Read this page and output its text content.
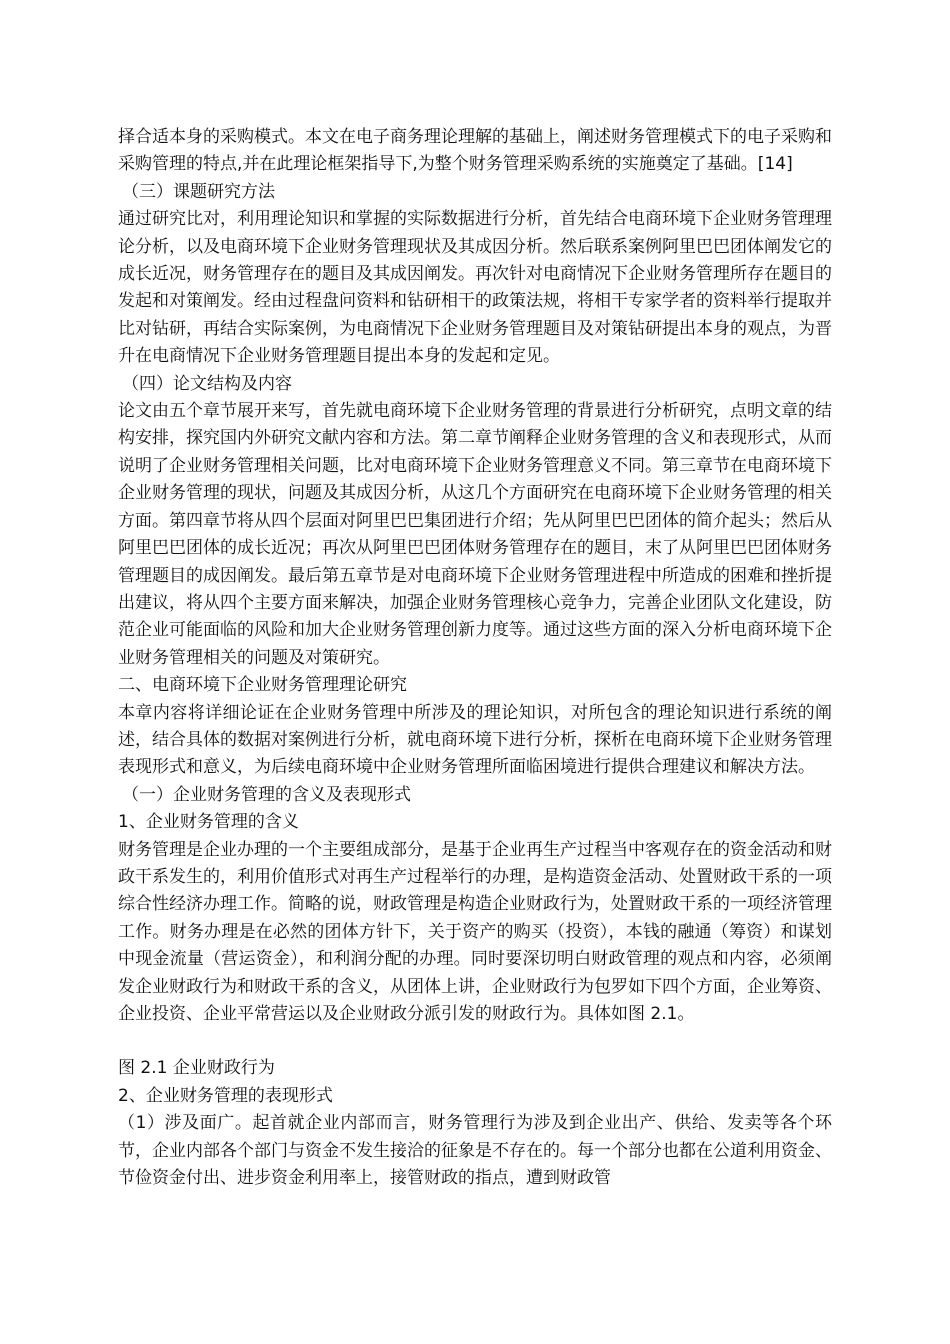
择合适本身的采购模式。本文在电子商务理论理解的基础上，阐述财务管理模式下的电子采购和采购管理的特点,并在此理论框架指导下,为整个财务管理采购系统的实施奠定了基础。[14]

（三）课题研究方法

通过研究比对，利用理论知识和掌握的实际数据进行分析，首先结合电商环境下企业财务管理理论分析，以及电商环境下企业财务管理现状及其成因分析。然后联系案例阿里巴巴团体阐发它的成长近况，财务管理存在的题目及其成因阐发。再次针对电商情况下企业财务管理所存在题目的发起和对策阐发。经由过程盘问资料和钻研相干的政策法规，将相干专家学者的资料举行提取并比对钻研，再结合实际案例，为电商情况下企业财务管理题目及对策钻研提出本身的观点，为晋升在电商情况下企业财务管理题目提出本身的发起和定见。

（四）论文结构及内容

论文由五个章节展开来写，首先就电商环境下企业财务管理的背景进行分析研究，点明文章的结构安排，探究国内外研究文献内容和方法。第二章节阐释企业财务管理的含义和表现形式，从而说明了企业财务管理相关问题，比对电商环境下企业财务管理意义不同。第三章节在电商环境下企业财务管理的现状，问题及其成因分析，从这几个方面研究在电商环境下企业财务管理的相关方面。第四章节将从四个层面对阿里巴巴集团进行介绍；先从阿里巴巴团体的简介起头；然后从阿里巴巴团体的成长近况；再次从阿里巴巴团体财务管理存在的题目，末了从阿里巴巴团体财务管理题目的成因阐发。最后第五章节是对电商环境下企业财务管理进程中所造成的困难和挫折提出建议，将从四个主要方面来解决，加强企业财务管理核心竞争力，完善企业团队文化建设，防范企业可能面临的风险和加大企业财务管理创新力度等。通过这些方面的深入分析电商环境下企业财务管理相关的问题及对策研究。

二、电商环境下企业财务管理理论研究

本章内容将详细论证在企业财务管理中所涉及的理论知识，对所包含的理论知识进行系统的阐述，结合具体的数据对案例进行分析，就电商环境下进行分析，探析在电商环境下企业财务管理表现形式和意义，为后续电商环境中企业财务管理所面临困境进行提供合理建议和解决方法。

（一）企业财务管理的含义及表现形式

1、企业财务管理的含义

财务管理是企业办理的一个主要组成部分，是基于企业再生产过程当中客观存在的资金活动和财政干系发生的，利用价值形式对再生产过程举行的办理，是构造资金活动、处置财政干系的一项综合性经济办理工作。简略的说，财政管理是构造企业财政行为，处置财政干系的一项经济管理工作。财务办理是在必然的团体方针下，关于资产的购买（投资），本钱的融通（筹资）和谋划中现金流量（营运资金），和利润分配的办理。同时要深切明白财政管理的观点和内容，必须阐发企业财政行为和财政干系的含义，从团体上讲，企业财政行为包罗如下四个方面，企业筹资、企业投资、企业平常营运以及企业财政分派引发的财政行为。具体如图 2.1。

图 2.1 企业财政行为

2、企业财务管理的表现形式

（1）涉及面广。起首就企业内部而言，财务管理行为涉及到企业出产、供给、发卖等各个环节，企业内部各个部门与资金不发生接洽的征象是不存在的。每一个部分也都在公道利用资金、节俭资金付出、进步资金利用率上，接管财政的指点，遭到财政管
